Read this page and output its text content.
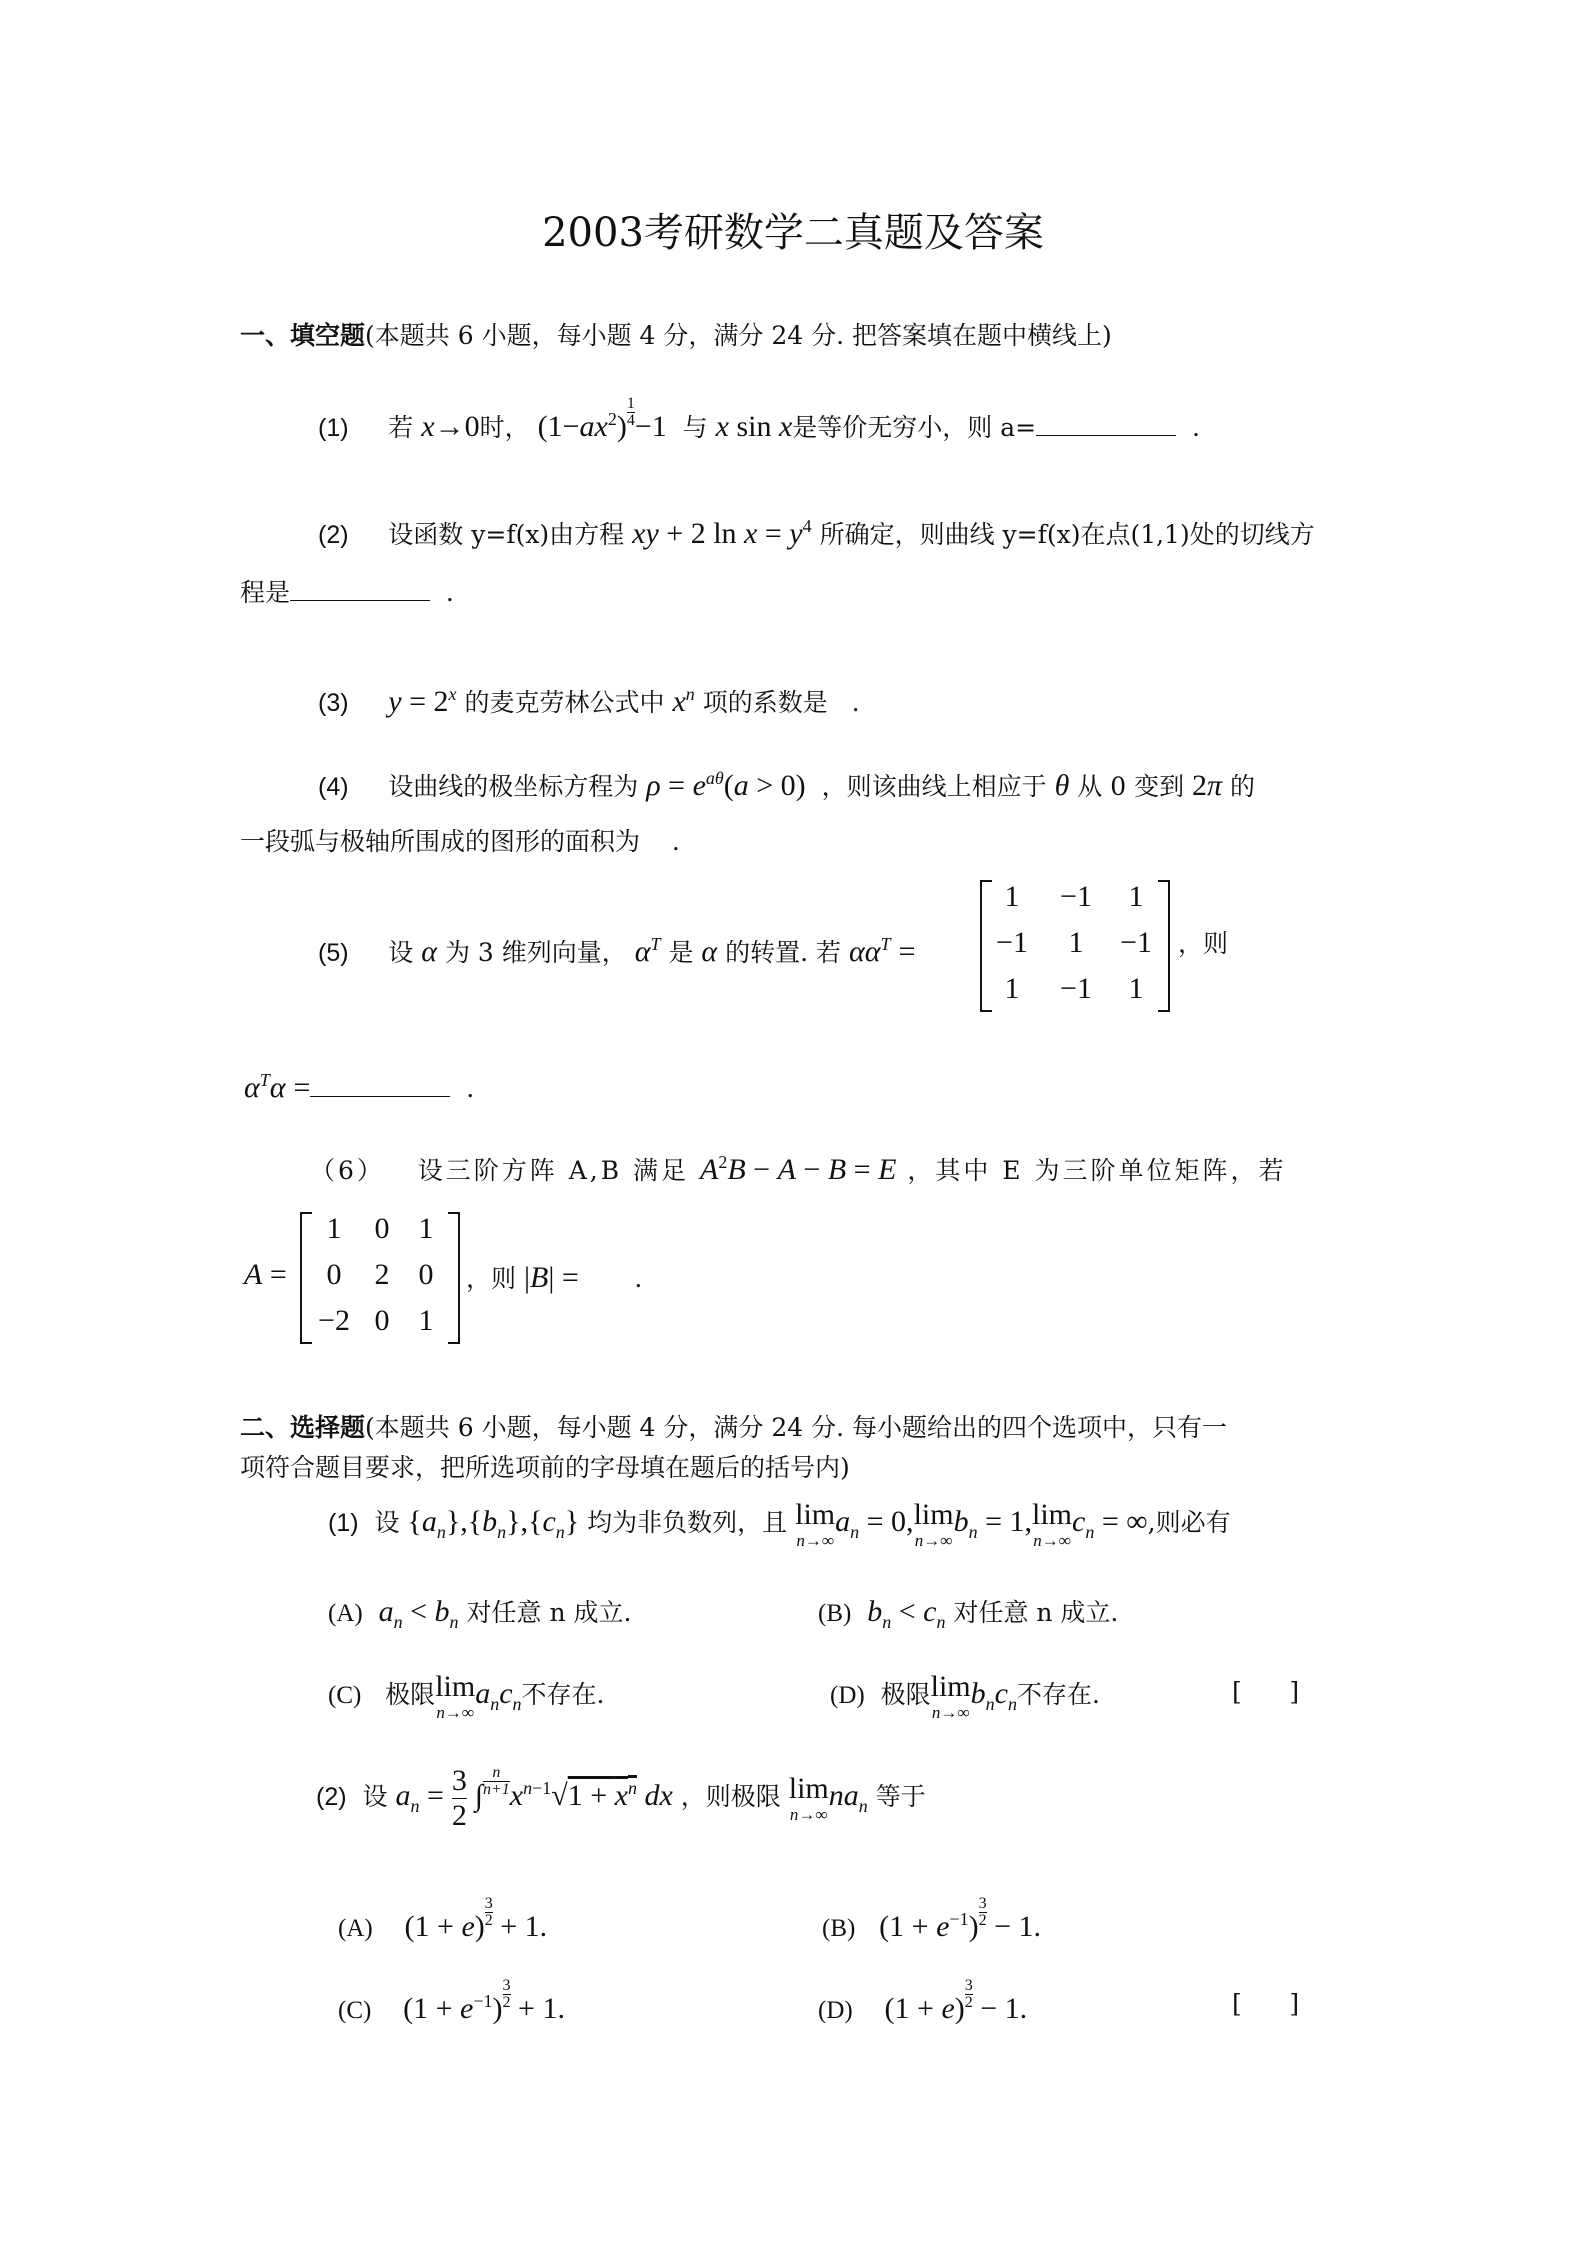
2003考研数学二真题及答案
一、填空题(本题共 6 小题，每小题 4 分，满分 24 分. 把答案填在题中横线上)
(1) 若 x→0时， $(1-ax^2) \frac{1}{4} -1$ 与 x sin x是等价无穷小，则 a=	.
(2) 设函数 y=f(x)由方程 xy + 2 $\ln x = y^4$ 所确定，则曲线 y=f(x)在点(1,1)处的切线方
程是	.
(3) $y = 2^x$ 的麦克劳林公式中 $x^n$ 项的系数是 .
(4) 设曲线的极坐标方程为 $\rho = e^{a\theta}(a > 0)$ ，则该曲线上相应于 θ 从 0 变到 2π 的
一段弧与极轴所围成的图形的面积为 .
(5) 设 α 为 3 维列向量， $\alpha^T$ 是 α 的转置. 若 $\alpha\alpha^T$ =
1	−1	1
−1	1	−1
1	−1	1
，则
$\alpha^T\alpha$ =	.
（6） 设三阶方阵 A,B 满足 $A^2B - A - B = E$ ，其中 E 为三阶单位矩阵，若
A =
1	0 1
0	2 0
−2 0 1
，则 |B| = .
二、选择题(本题共 6 小题，每小题 4 分，满分 24 分. 每小题给出的四个选项中，只有一
项符合题目要求，把所选项前的字母填在题后的括号内)
(1) 设 $\{a_n\},\{b_n\},\{c_n\}$ 均为非负数列，且 lim
n→∞
$a_n = 0$, lim
n→∞
$b_n = 1$, lim
n→∞
$c_n$ = ∞,则必有
(A) $a_n < b_n$ 对任意 n 成立.	(B) $b_n < c_n$ 对任意 n 成立.
(C) 极限 lim
n→∞
$a_nc_n$不存在.	(D) 极限 lim
n→∞
$b_nc_n$不存在.	[      ]
(2) 设 $a_n = \frac{3}{2}$ ∫ $\frac{n}{n+1} x^{n-1}√1 + x^n$ dx ，则极限 lim
n→∞
$na_n$ 等于
(A) $(1 + e) \frac{3}{2} + 1$.	(B) $(1 + e^{-1}) \frac{3}{2} - 1$.
(C) $(1 + e^{-1}) \frac{3}{2} + 1$.	(D) $(1 + e) \frac{3}{2} - 1$.	[      ]
